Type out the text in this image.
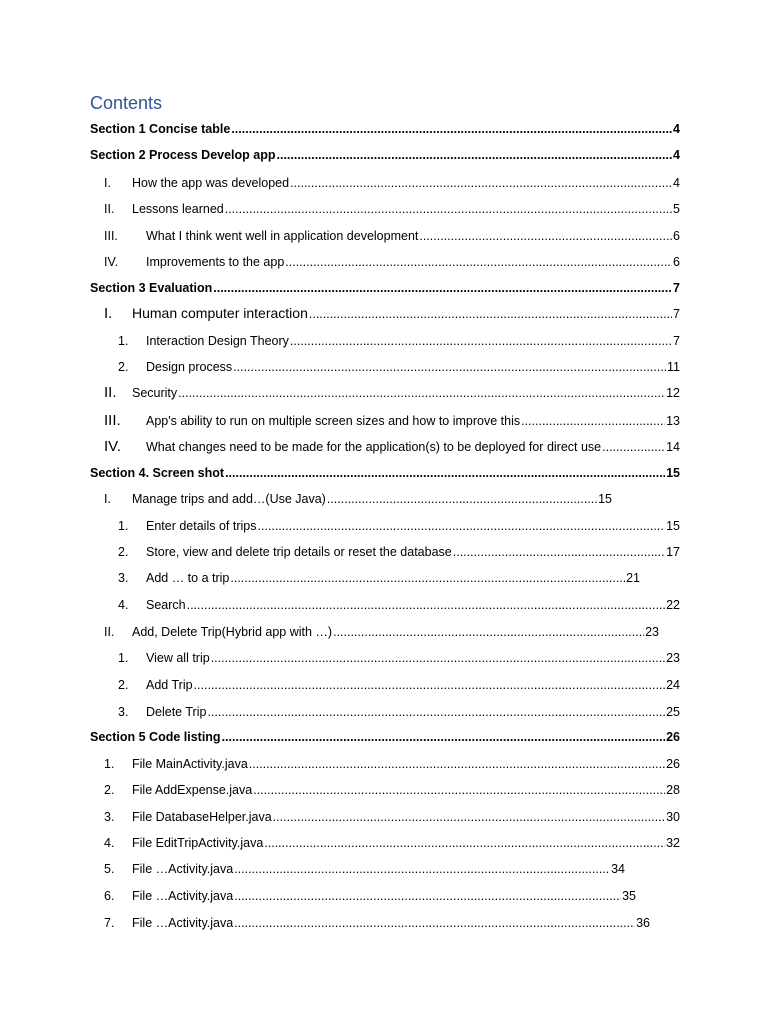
Contents
Section 1 Concise table .....	4
Section 2 Process Develop app .....	4
I.	How the app was developed .....	4
II.	Lessons learned .....	5
III.	What I think went well in application development .....	6
IV.	Improvements to the app .....	6
Section 3 Evaluation .....	7
I.	Human computer interaction .....	7
1.	Interaction Design Theory .....	7
2.	Design process .....	11
II.	Security .....	12
III.	App's ability to run on multiple screen sizes and how to improve this .....	13
IV.	What changes need to be made for the application(s) to be deployed for direct use .....	14
Section 4. Screen shot .....	15
I.	Manage trips and add…(Use Java) .....	15
1.	Enter details of trips .....	15
2.	Store, view and delete trip details or reset the database .....	17
3.	Add … to a trip .....	21
4.	Search .....	22
II.	Add, Delete Trip(Hybrid app with …) .....	23
1.	View all trip .....	23
2.	Add Trip .....	24
3.	Delete Trip .....	25
Section 5 Code listing .....	26
1.	File MainActivity.java .....	26
2.	File AddExpense.java .....	28
3.	File DatabaseHelper.java .....	30
4.	File EditTripActivity.java .....	32
5.	File …Activity.java .....	34
6.	File …Activity.java .....	35
7.	File …Activity.java .....	36
